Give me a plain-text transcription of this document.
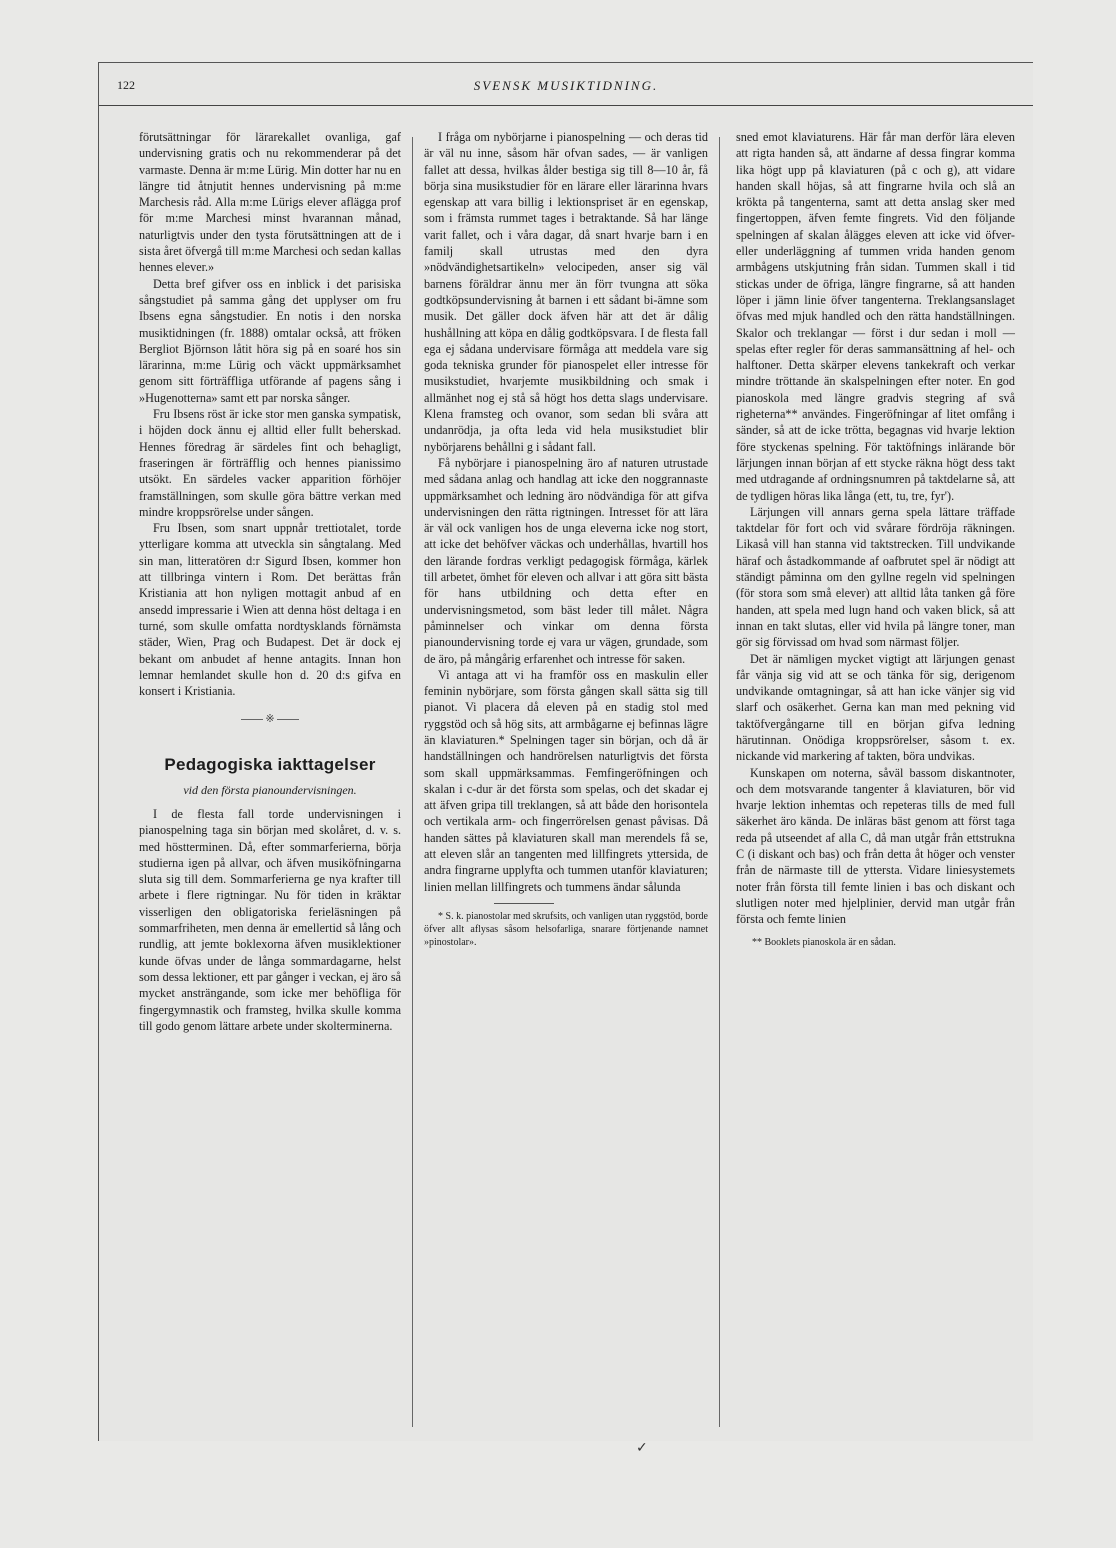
122	SVENSK MUSIKTIDNING.

förutsättningar för lärarekallet ovanliga, gaf undervisning gratis och nu rekommenderar på det varmaste. Denna är m:me Lürig. Min dotter har nu en längre tid åtnjutit hennes undervisning på m:me Marchesis råd. Alla m:me Lürigs elever aflägga prof för m:me Marchesi minst hvarannan månad, naturligtvis under den tysta förutsättningen att de i sista året öfvergå till m:me Marchesi och sedan kallas hennes elever.»

Detta bref gifver oss en inblick i det parisiska sångstudiet på samma gång det upplyser om fru Ibsens egna sångstudier. En notis i den norska musiktidningen (fr. 1888) omtalar också, att fröken Bergliot Björnson låtit höra sig på en soaré hos sin lärarinna, m:me Lürig och väckt uppmärksamhet genom sitt förträffliga utförande af pagens sång i »Hugenotterna» samt ett par norska sånger.

Fru Ibsens röst är icke stor men ganska sympatisk, i höjden dock ännu ej alltid eller fullt beherskad. Hennes föredrag är särdeles fint och behagligt, fraseringen är förträfflig och hennes pianissimo utsökt. En särdeles vacker apparition förhöjer framställningen, som skulle göra bättre verkan med mindre kroppsrörelse under sången.

Fru Ibsen, som snart uppnår trettiotalet, torde ytterligare komma att utveckla sin sångtalang. Med sin man, litteratören d:r Sigurd Ibsen, kommer hon att tillbringa vintern i Rom. Det berättas från Kristiania att hon nyligen mottagit anbud af en ansedd impressarie i Wien att denna höst deltaga i en turné, som skulle omfatta nordtysklands förnämsta städer, Wien, Prag och Budapest. Det är dock ej bekant om anbudet af henne antagits. Innan hon lemnar hemlandet skulle hon d. 20 d:s gifva en konsert i Kristiania.

※
Pedagogiska iakttagelser
vid den första pianoundervisningen.

I de flesta fall torde undervisningen i pianospelning taga sin början med skolåret, d. v. s. med höstterminen. Då, efter sommarferierna, börja studierna igen på allvar, och äfven musiköfningarna sluta sig till dem. Sommarferierna ge nya krafter till arbete i flere rigtningar. Nu för tiden in kräktar visserligen den obligatoriska ferieläsningen på sommarfriheten, men denna är emellertid så lång och rundlig, att jemte boklexorna äfven musiklektioner kunde öfvas under de långa sommardagarne, helst som dessa lektioner, ett par gånger i veckan, ej äro så mycket ansträngande, som icke mer behöfliga för fingergymnastik och framsteg, hvilka skulle komma till godo genom lättare arbete under skolterminerna.

I fråga om nybörjarne i pianospelning — och deras tid är väl nu inne, såsom här ofvan sades, — är vanligen fallet att dessa, hvilkas ålder bestiga sig till 8—10 år, få börja sina musikstudier för en lärare eller lärarinna hvars egenskap att vara billig i lektionspriset är en egenskap, som i främsta rummet tages i betraktande. Så har länge varit fallet, och i våra dagar, då snart hvarje barn i en familj skall utrustas med den dyra »nödvändighetsartikeln» velocipeden, anser sig väl barnens föräldrar ännu mer än förr tvungna att söka godtköpsundervisning åt barnen i ett sådant bi-ämne som musik. Det gäller dock äfven här att det är dålig hushållning att köpa en dålig godtköpsvara. I de flesta fall ega ej sådana undervisare förmåga att meddela vare sig goda tekniska grunder för pianospelet eller intresse för musikstudiet, hvarjemte musikbildning och smak i allmänhet nog ej stå så högt hos detta slags undervisare. Klena framsteg och ovanor, som sedan bli svåra att undanrödja, ja ofta leda vid hela musikstudiet blir nybörjarens behållni g i sådant fall.

Få nybörjare i pianospelning äro af naturen utrustade med sådana anlag och handlag att icke den noggrannaste uppmärksamhet och ledning äro nödvändiga för att gifva undervisningen den rätta rigtningen. Intresset för att lära är väl ock vanligen hos de unga eleverna icke nog stort, att icke det behöfver väckas och underhållas, hvartill hos den lärande fordras verkligt pedagogisk förmåga, kärlek till arbetet, ömhet för eleven och allvar i att göra sitt bästa för hans utbildning och detta efter en undervisningsmetod, som bäst leder till målet. Några påminnelser och vinkar om denna första pianoundervisning torde ej vara ur vägen, grundade, som de äro, på mångårig erfarenhet och intresse för saken.

Vi antaga att vi ha framför oss en maskulin eller feminin nybörjare, som första gången skall sätta sig till pianot. Vi placera då eleven på en stadig stol med ryggstöd och så hög sits, att armbågarne ej befinnas lägre än klaviaturen.* Spelningen tager sin början, och då är handställningen och handrörelsen naturligtvis det första som skall uppmärksammas. Femfingeröfningen och skalan i c-dur är det första som spelas, och det skadar ej att äfven gripa till treklangen, så att både den horisontela och vertikala arm- och fingerrörelsen genast påvisas. Då handen sättes på klaviaturen skall man merendels få se, att eleven slår an tangenten med lillfingrets yttersida, de andra fingrarne upplyfta och tummen utanför klaviaturen; linien mellan lillfingrets och tummens ändar sålunda

* S. k. pianostolar med skrufsits, och vanligen utan ryggstöd, borde öfver allt aflysas såsom helsofarliga, snarare förtjenande namnet »pinostolar».

sned emot klaviaturens. Här får man derför lära eleven att rigta handen så, att ändarne af dessa fingrar komma lika högt upp på klaviaturen (på c och g), att vidare handen skall höjas, så att fingrarne hvila och slå an krökta på tangenterna, samt att detta anslag sker med fingertoppen, äfven femte fingrets. Vid den följande spelningen af skalan ålägges eleven att icke vid öfver- eller underläggning af tummen vrida handen genom armbågens utskjutning från sidan. Tummen skall i tid stickas under de öfriga, längre fingrarne, så att handen löper i jämn linie öfver tangenterna. Treklangsanslaget öfvas med mjuk handled och den rätta handställningen. Skalor och treklangar — först i dur sedan i moll — spelas efter regler för deras sammansättning af hel- och halftoner. Detta skärper elevens tankekraft och verkar mindre tröttande än skalspelningen efter noter. En god pianoskola med längre gradvis stegring af svå righeterna** användes. Fingeröfningar af litet omfång i sänder, så att de icke trötta, begagnas vid hvarje lektion före styckenas spelning. För taktöfnings inlärande bör lärjungen innan början af ett stycke räkna högt dess takt med utdragande af ordningsnumren på taktdelarne så, att de tydligen höras lika långa (ett, tu, tre, fyr').

Lärjungen vill annars gerna spela lättare träffade taktdelar för fort och vid svårare fördröja räkningen. Likaså vill han stanna vid taktstrecken. Till undvikande häraf och åstadkommande af oafbrutet spel är nödigt att ständigt påminna om den gyllne regeln vid spelningen (för stora som små elever) att alltid låta tanken gå före handen, att spela med lugn hand och vaken blick, så att innan en takt slutas, eller vid hvila på längre toner, man gör sig förvissad om hvad som närmast följer.

Det är nämligen mycket vigtigt att lärjungen genast får vänja sig vid att se och tänka för sig, derigenom undvikande omtagningar, så att han icke vänjer sig vid slarf och osäkerhet. Gerna kan man med pekning vid taktöfvergångarne till en början gifva ledning härutinnan. Onödiga kroppsrörelser, såsom t. ex. nickande vid markering af takten, böra undvikas.

Kunskapen om noterna, såväl bassom diskantnoter, och dem motsvarande tangenter å klaviaturen, bör vid hvarje lektion inhemtas och repeteras tills de med full säkerhet äro kända. De inläras bäst genom att först taga reda på utseendet af alla C, då man utgår från ettstrukna C (i diskant och bas) och från detta åt höger och venster från de närmaste till de yttersta. Vidare liniesystemets noter från första till femte linien i bas och diskant och slutligen noter med hjelplinier, dervid man utgår från första och femte linien

** Booklets pianoskola är en sådan.

✓
